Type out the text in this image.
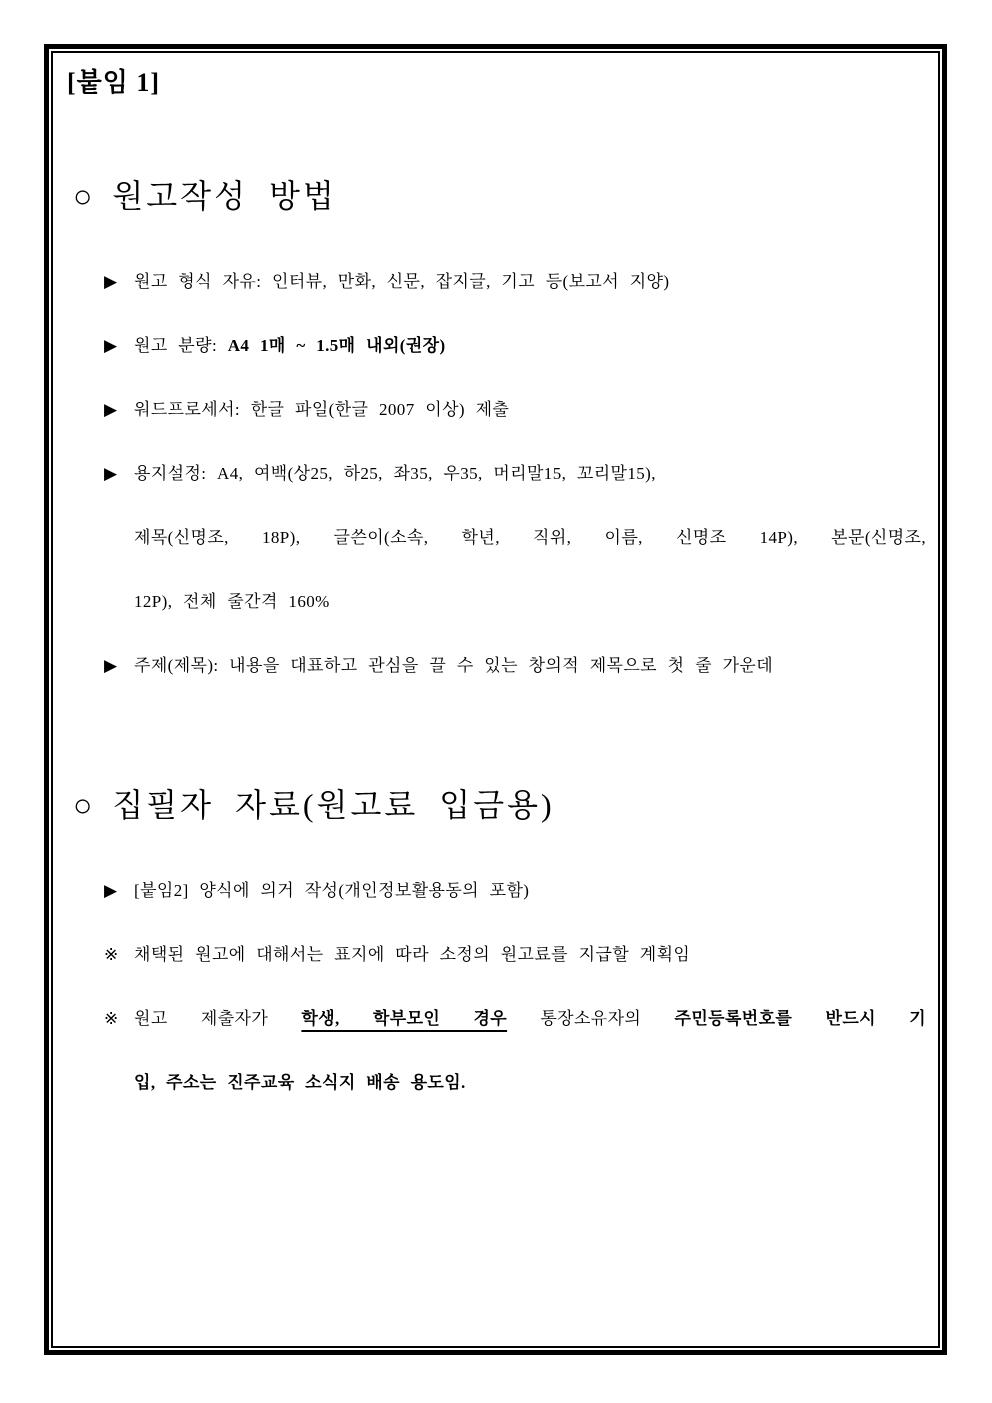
[붙임 1]
○ 원고작성 방법
▶ 원고 형식 자유: 인터뷰, 만화, 신문, 잡지글, 기고 등(보고서 지양)
▶ 원고 분량: A4 1매 ~ 1.5매 내외(권장)
▶ 워드프로세서: 한글 파일(한글 2007 이상) 제출
▶ 용지설정: A4, 여백(상25, 하25, 좌35, 우35, 머리말15, 꼬리말15),
제목(신명조, 18P), 글쓴이(소속, 학년, 직위, 이름, 신명조 14P), 본문(신명조,
12P), 전체 줄간격 160%
▶ 주제(제목): 내용을 대표하고 관심을 끌 수 있는 창의적 제목으로 첫 줄 가운데
○ 집필자 자료(원고료 입금용)
▶ [붙임2] 양식에 의거 작성(개인정보활용동의 포함)
※ 채택된 원고에 대해서는 표지에 따라 소정의 원고료를 지급할 계획임
※ 원고 제출자가 학생, 학부모인 경우 통장소유자의 주민등록번호를 반드시 기
입, 주소는 진주교육 소식지 배송 용도임.
